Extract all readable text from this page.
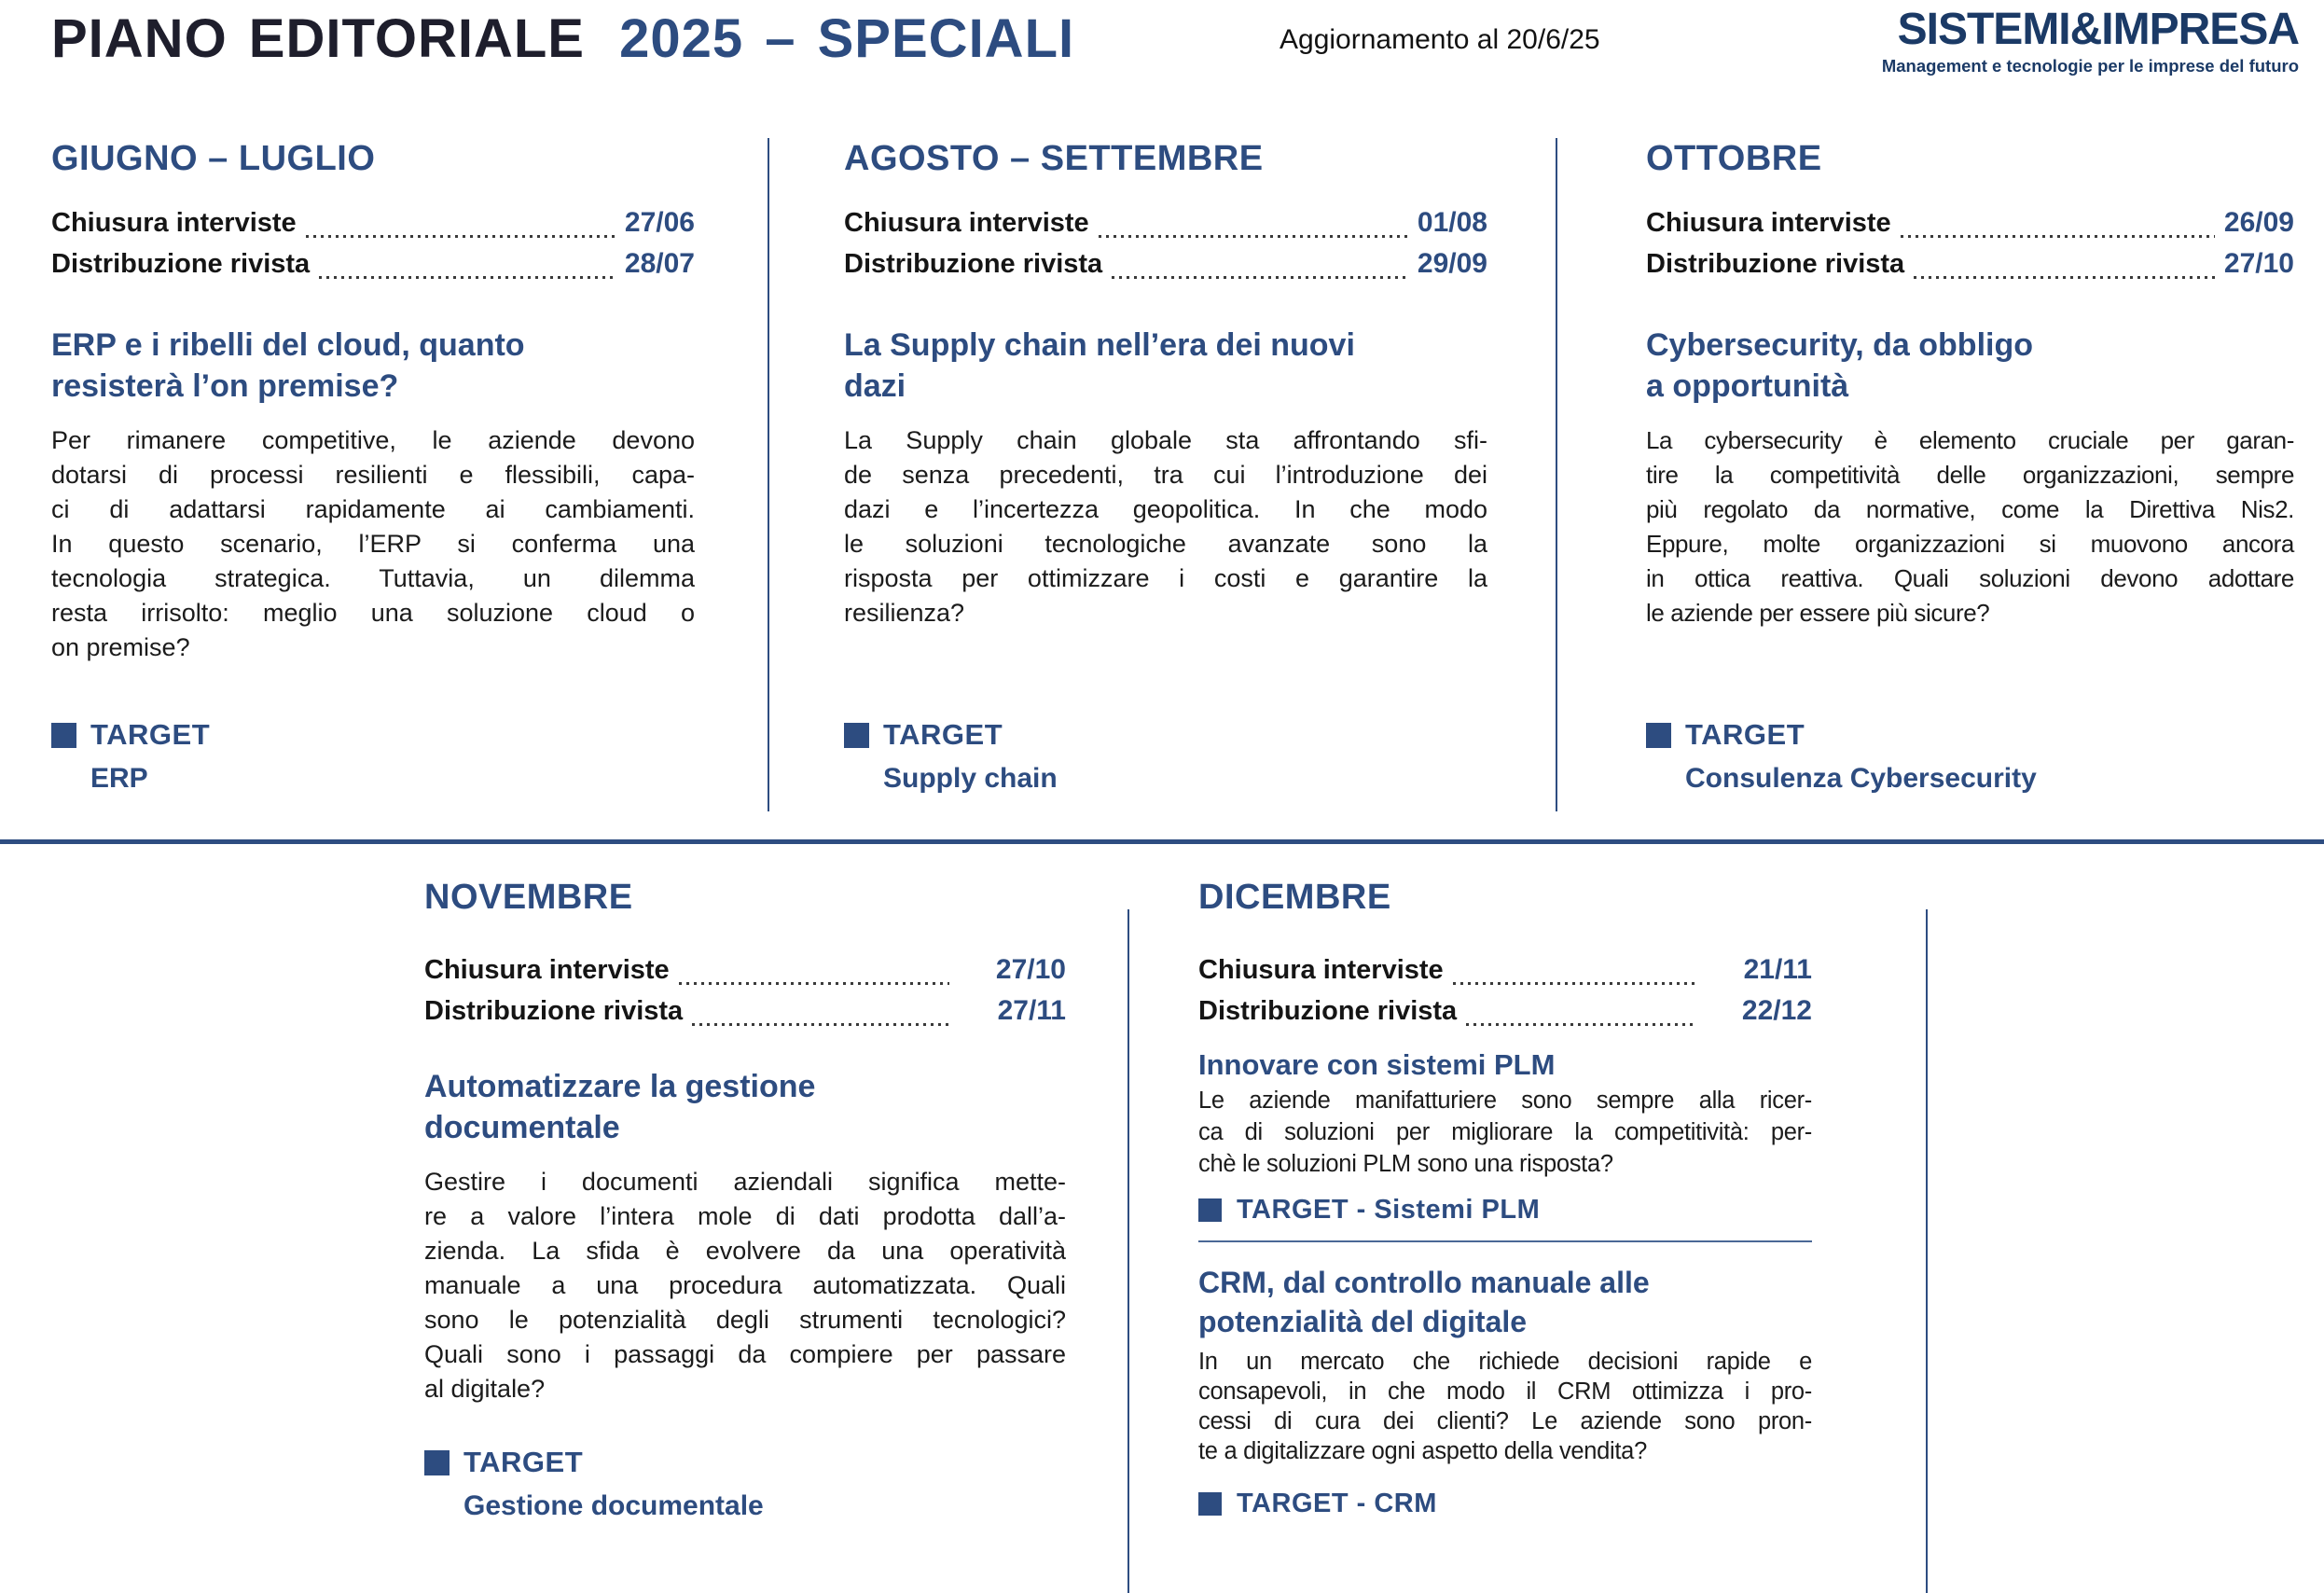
PIANO EDITORIALE 2025 – SPECIALI	Aggiornamento al 20/6/25	SISTEMI&IMPRESA
Management e tecnologie per le imprese del futuro
GIUGNO – LUGLIO
Chiusura interviste	27/06
Distribuzione rivista	28/07
ERP e i ribelli del cloud, quanto
resisterà l’on premise?
Per rimanere competitive, le aziende devono
dotarsi di processi resilienti e flessibili, capa-
ci di adattarsi rapidamente ai cambiamenti.
In questo scenario, l’ERP si conferma una
tecnologia strategica. Tuttavia, un dilemma
resta irrisolto: meglio una soluzione cloud o
on premise?
TARGET
ERP
AGOSTO – SETTEMBRE
Chiusura interviste	01/08
Distribuzione rivista	29/09
La Supply chain nell’era dei nuovi
dazi
La Supply chain globale sta affrontando sfi-
de senza precedenti, tra cui l’introduzione dei
dazi e l’incertezza geopolitica. In che modo
le soluzioni tecnologiche avanzate sono la
risposta per ottimizzare i costi e garantire la
resilienza?
TARGET
Supply chain
OTTOBRE
Chiusura interviste	26/09
Distribuzione rivista	27/10
Cybersecurity, da obbligo
a opportunità
La cybersecurity è elemento cruciale per garan-
tire la competitività delle organizzazioni, sempre
più regolato da normative, come la Direttiva Nis2.
Eppure, molte organizzazioni si muovono ancora
in ottica reattiva. Quali soluzioni devono adottare
le aziende per essere più sicure?
TARGET
Consulenza Cybersecurity
NOVEMBRE
Chiusura interviste	27/10
Distribuzione rivista	27/11
Automatizzare la gestione
documentale
Gestire i documenti aziendali significa mette-
re a valore l’intera mole di dati prodotta dall’a-
zienda. La sfida è evolvere da una operatività
manuale a una procedura automatizzata. Quali
sono le potenzialità degli strumenti tecnologici?
Quali sono i passaggi da compiere per passare
al digitale?
TARGET
Gestione documentale
DICEMBRE
Chiusura interviste	21/11
Distribuzione rivista	22/12
Innovare con sistemi PLM
Le aziende manifatturiere sono sempre alla ricer-
ca di soluzioni per migliorare la competitività: per-
chè le soluzioni PLM sono una risposta?
TARGET - Sistemi PLM
CRM, dal controllo manuale alle
potenzialità del digitale
In un mercato che richiede decisioni rapide e
consapevoli, in che modo il CRM ottimizza i pro-
cessi di cura dei clienti? Le aziende sono pron-
te a digitalizzare ogni aspetto della vendita?
TARGET - CRM
